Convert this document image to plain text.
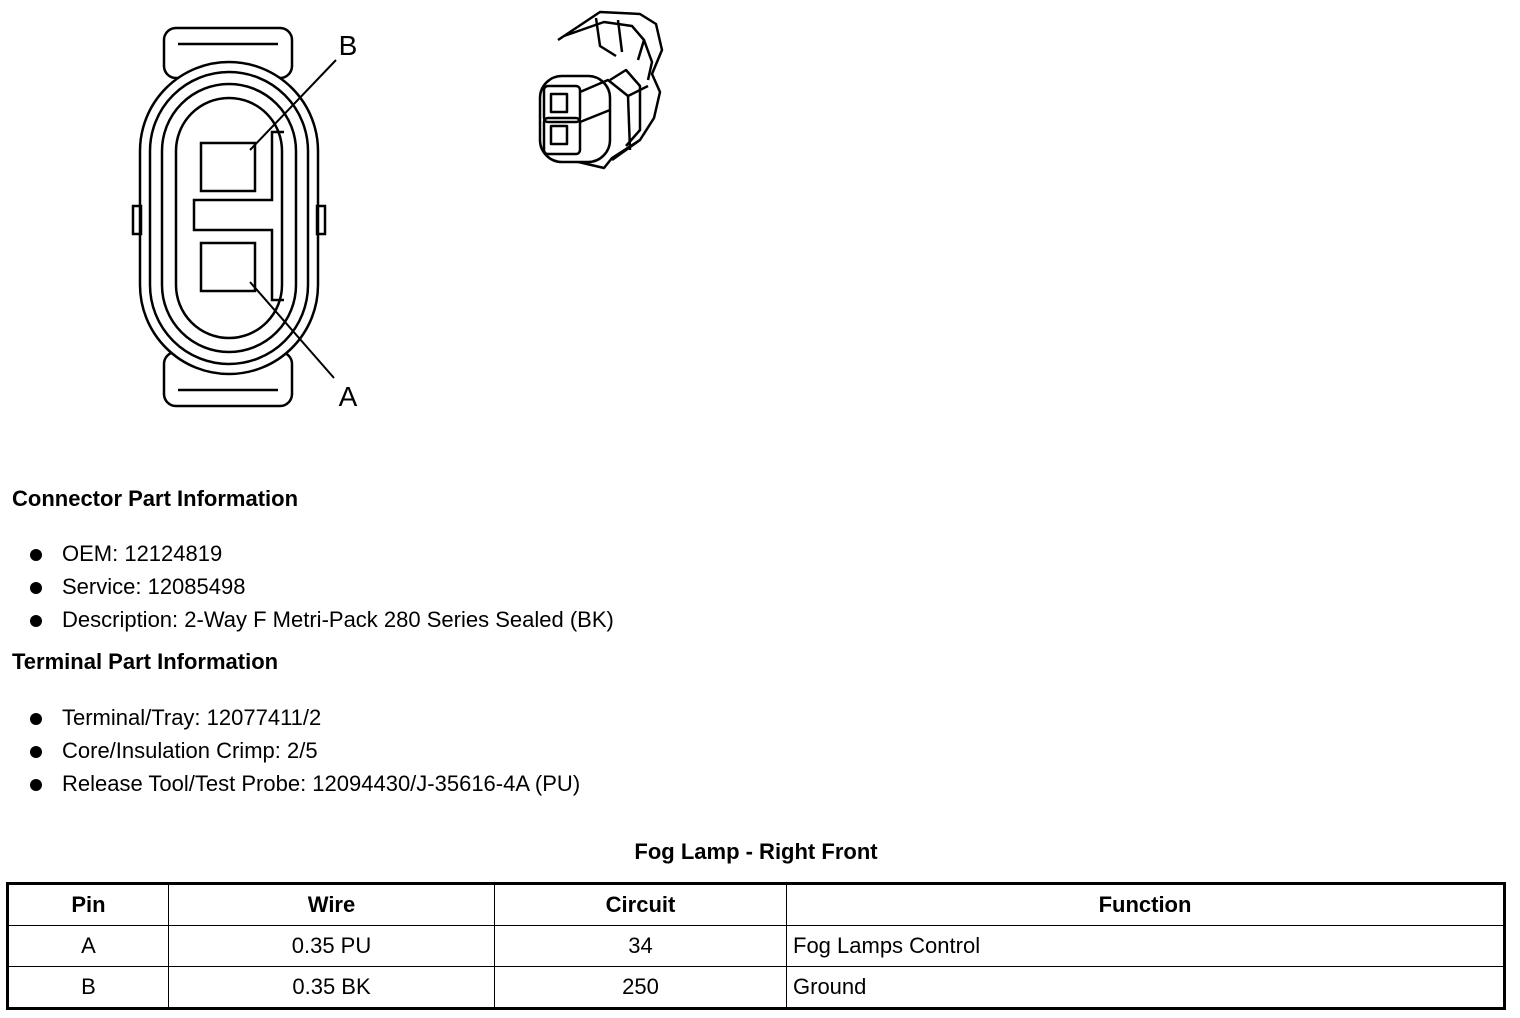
B
A
Connector Part Information
OEM: 12124819
Service: 12085498
Description: 2-Way F Metri-Pack 280 Series Sealed (BK)
Terminal Part Information
Terminal/Tray: 12077411/2
Core/Insulation Crimp: 2/5
Release Tool/Test Probe: 12094430/J-35616-4A (PU)
Fog Lamp - Right Front
Pin	Wire	Circuit	Function
A	0.35 PU	34	Fog Lamps Control
B	0.35 BK	250	Ground
